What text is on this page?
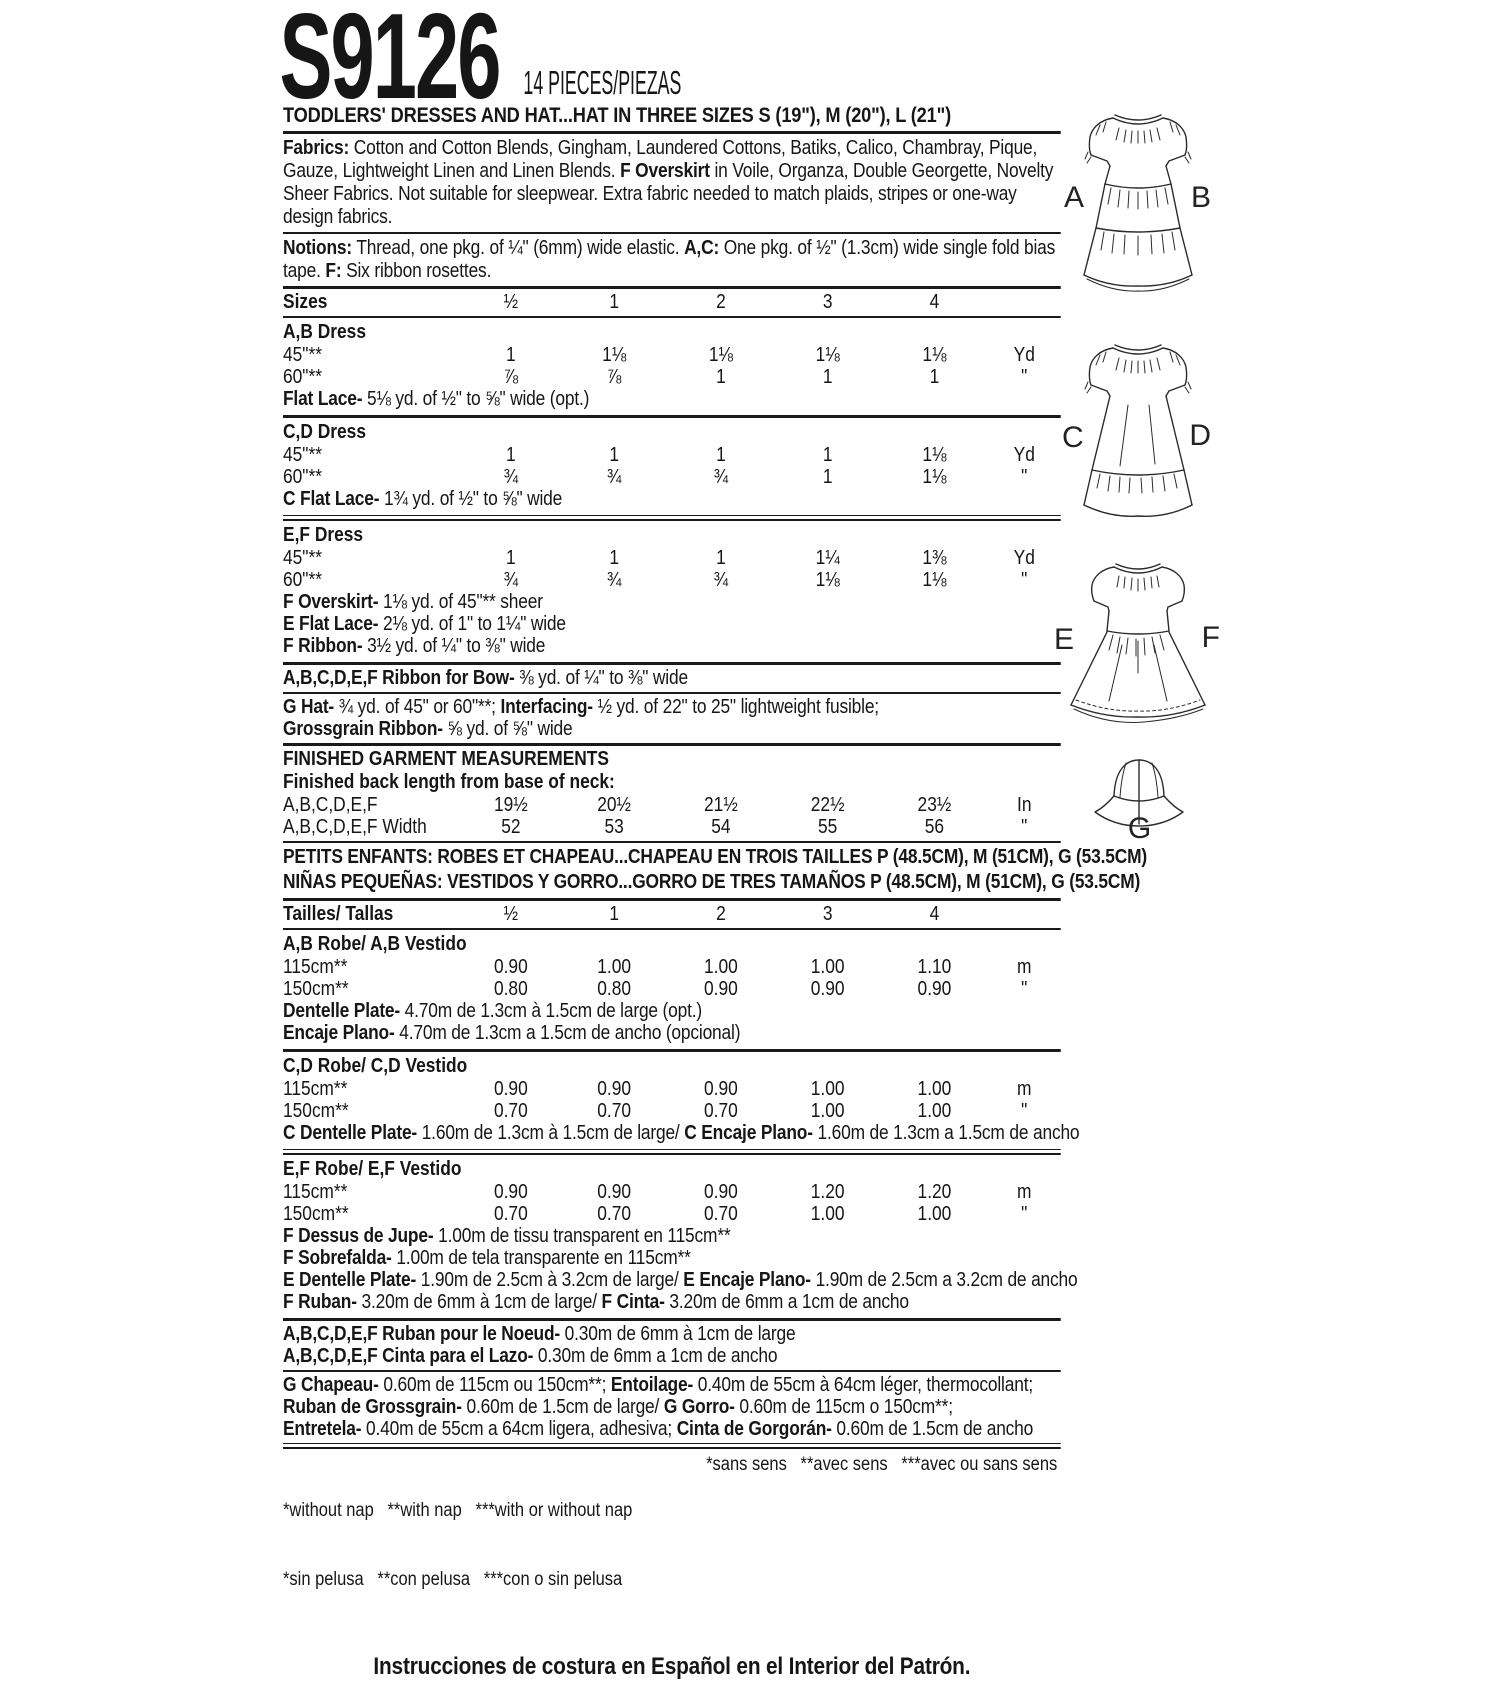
S9126 14 PIECES/PIEZAS
TODDLERS' DRESSES AND HAT...HAT IN THREE SIZES S (19"), M (20"), L (21")

Fabrics: Cotton and Cotton Blends, Gingham, Laundered Cottons, Batiks, Calico, Chambray, Pique, Gauze, Lightweight Linen and Linen Blends. F Overskirt in Voile, Organza, Double Georgette, Novelty Sheer Fabrics. Not suitable for sleepwear. Extra fabric needed to match plaids, stripes or one-way design fabrics.

Notions: Thread, one pkg. of ¼" (6mm) wide elastic. A,C: One pkg. of ½" (1.3cm) wide single fold bias tape. F: Six ribbon rosettes.

Sizes	½	1	2	3	4
A,B Dress
45"**	1	1⅛	1⅛	1⅛	1⅛	Yd
60"**	⅞	⅞	1	1	1	"
Flat Lace- 5⅛ yd. of ½" to ⅝" wide (opt.)
C,D Dress
45"**	1	1	1	1	1⅛	Yd
60"**	¾	¾	¾	1	1⅛	"
C Flat Lace- 1¾ yd. of ½" to ⅝" wide
E,F Dress
45"**	1	1	1	1¼	1⅜	Yd
60"**	¾	¾	¾	1⅛	1⅛	"
F Overskirt- 1⅛ yd. of 45"** sheer
E Flat Lace- 2⅛ yd. of 1" to 1¼" wide
F Ribbon- 3½ yd. of ¼" to ⅜" wide
A,B,C,D,E,F Ribbon for Bow- ⅜ yd. of ¼" to ⅜" wide
G Hat- ¾ yd. of 45" or 60"**; Interfacing- ½ yd. of 22" to 25" lightweight fusible;
Grossgrain Ribbon- ⅝ yd. of ⅝" wide
FINISHED GARMENT MEASUREMENTS
Finished back length from base of neck:
A,B,C,D,E,F	19½	20½	21½	22½	23½	In
A,B,C,D,E,F Width	52	53	54	55	56	"
PETITS ENFANTS: ROBES ET CHAPEAU...CHAPEAU EN TROIS TAILLES P (48.5CM), M (51CM), G (53.5CM)
NIÑAS PEQUEÑAS: VESTIDOS Y GORRO...GORRO DE TRES TAMAÑOS P (48.5CM), M (51CM), G (53.5CM)
Tailles/ Tallas	½	1	2	3	4
A,B Robe/ A,B Vestido
115cm**	0.90	1.00	1.00	1.00	1.10	m
150cm**	0.80	0.80	0.90	0.90	0.90	"
Dentelle Plate- 4.70m de 1.3cm à 1.5cm de large (opt.)
Encaje Plano- 4.70m de 1.3cm a 1.5cm de ancho (opcional)
C,D Robe/ C,D Vestido
115cm**	0.90	0.90	0.90	1.00	1.00	m
150cm**	0.70	0.70	0.70	1.00	1.00	"
C Dentelle Plate- 1.60m de 1.3cm à 1.5cm de large/ C Encaje Plano- 1.60m de 1.3cm a 1.5cm de ancho
E,F Robe/ E,F Vestido
115cm**	0.90	0.90	0.90	1.20	1.20	m
150cm**	0.70	0.70	0.70	1.00	1.00	"
F Dessus de Jupe- 1.00m de tissu transparent en 115cm**
F Sobrefalda- 1.00m de tela transparente en 115cm**
E Dentelle Plate- 1.90m de 2.5cm à 3.2cm de large/ E Encaje Plano- 1.90m de 2.5cm a 3.2cm de ancho
F Ruban- 3.20m de 6mm à 1cm de large/ F Cinta- 3.20m de 6mm a 1cm de ancho
A,B,C,D,E,F Ruban pour le Noeud- 0.30m de 6mm à 1cm de large
A,B,C,D,E,F Cinta para el Lazo- 0.30m de 6mm a 1cm de ancho
G Chapeau- 0.60m de 115cm ou 150cm**; Entoilage- 0.40m de 55cm à 64cm léger, thermocollant;
Ruban de Grossgrain- 0.60m de 1.5cm de large/ G Gorro- 0.60m de 115cm o 150cm**;
Entretela- 0.40m de 55cm a 64cm ligera, adhesiva; Cinta de Gorgorán- 0.60m de 1.5cm de ancho

*without nap   **with nap   ***with or without nap

*sin pelusa   **con pelusa   ***con o sin pelusa

*sans sens   **avec sens   ***avec ou sans sens
Instrucciones de costura en Español en el Interior del Patrón.
A	B
C	D
E	F
G
